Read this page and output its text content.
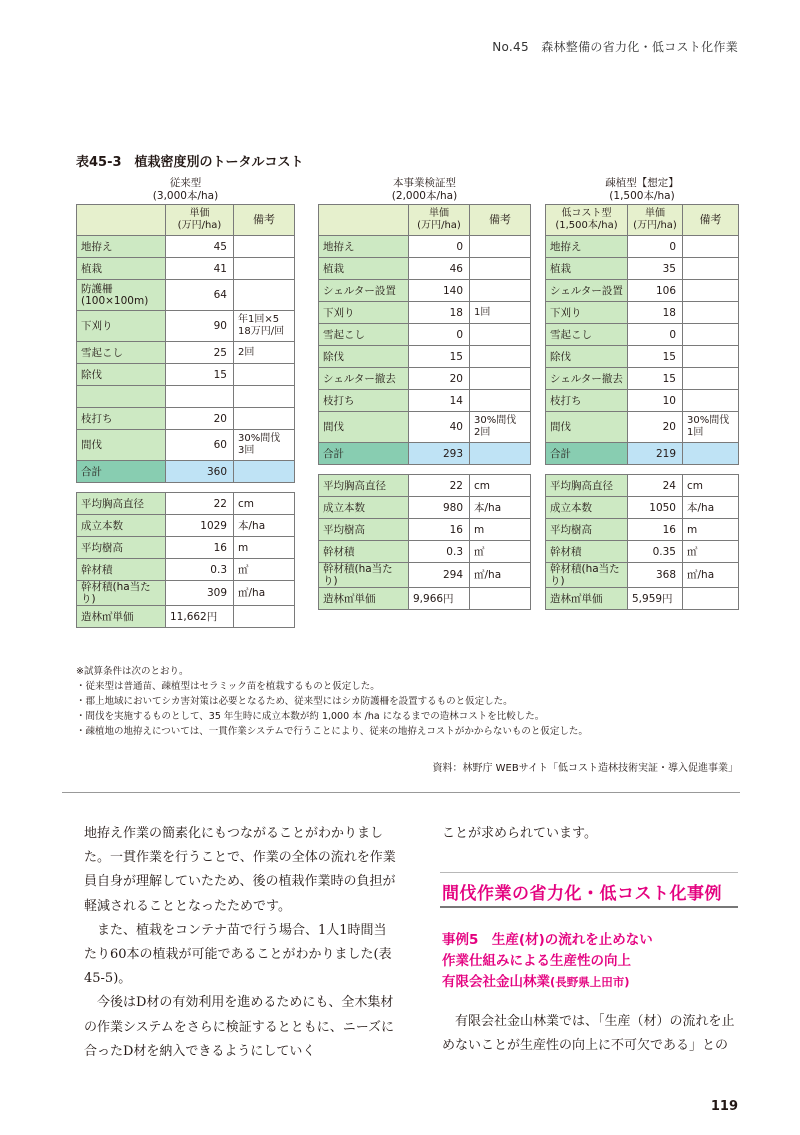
No.45　森林整備の省力化・低コスト化作業
表45-3　植栽密度別のトータルコスト
従来型
(3,000本/ha)
	単価
(万円/ha)	備考
地拵え	45	
植栽	41	
防護柵
(100×100m)	64	
下刈り	90	年1回×5
18万円/回
雪起こし	25	2回
除伐	15	

枝打ち	20	
間伐	60	30%間伐
3回
合計	360	

平均胸高直径	22	cm
成立本数	1029	本/ha
平均樹高	16	m
幹材積	0.3	㎥
幹材積(ha当たり)	309	㎥/ha
造林㎥単価	11,662円	
本事業検証型
(2,000本/ha)
	単価
(万円/ha)	備考
地拵え	0	
植栽	46	
シェルター設置	140	
下刈り	18	1回
雪起こし	0	
除伐	15	
シェルター撤去	20	
枝打ち	14	
間伐	40	30%間伐
2回
合計	293	

平均胸高直径	22	cm
成立本数	980	本/ha
平均樹高	16	m
幹材積	0.3	㎥
幹材積(ha当たり)	294	㎥/ha
造林㎥単価	9,966円	
疎植型【想定】
(1,500本/ha)
低コスト型
(1,500本/ha)	単価
(万円/ha)	備考
地拵え	0	
植栽	35	
シェルター設置	106	
下刈り	18	
雪起こし	0	
除伐	15	
シェルター撤去	15	
枝打ち	10	
間伐	20	30%間伐
1回
合計	219	

平均胸高直径	24	cm
成立本数	1050	本/ha
平均樹高	16	m
幹材積	0.35	㎥
幹材積(ha当たり)	368	㎥/ha
造林㎥単価	5,959円	
※試算条件は次のとおり。
・従来型は普通苗、疎植型はセラミック苗を植栽するものと仮定した。
・郡上地域においてシカ害対策は必要となるため、従来型にはシカ防護柵を設置するものと仮定した。
・間伐を実施するものとして、35 年生時に成立本数が約 1,000 本 /ha になるまでの造林コストを比較した。
・疎植地の地拵えについては、一貫作業システムで行うことにより、従来の地拵えコストがかからないものと仮定した。
資料：林野庁 WEBサイト「低コスト造林技術実証・導入促進事業」

地拵え作業の簡素化にもつながることがわかりました。一貫作業を行うことで、作業の全体の流れを作業員自身が理解していたため、後の植栽作業時の負担が軽減されることとなったためです。

また、植栽をコンテナ苗で行う場合、1人1時間当たり60本の植栽が可能であることがわかりました(表45-5)。

今後はD材の有効利用を進めるためにも、全木集材の作業システムをさらに検証するとともに、ニーズに合ったD材を納入できるようにしていく

ことが求められています。
間伐作業の省力化・低コスト化事例
事例5　生産(材)の流れを止めない
作業仕組みによる生産性の向上
有限会社金山林業(長野県上田市)

有限会社金山林業では、「生産（材）の流れを止めないことが生産性の向上に不可欠である」との

119
